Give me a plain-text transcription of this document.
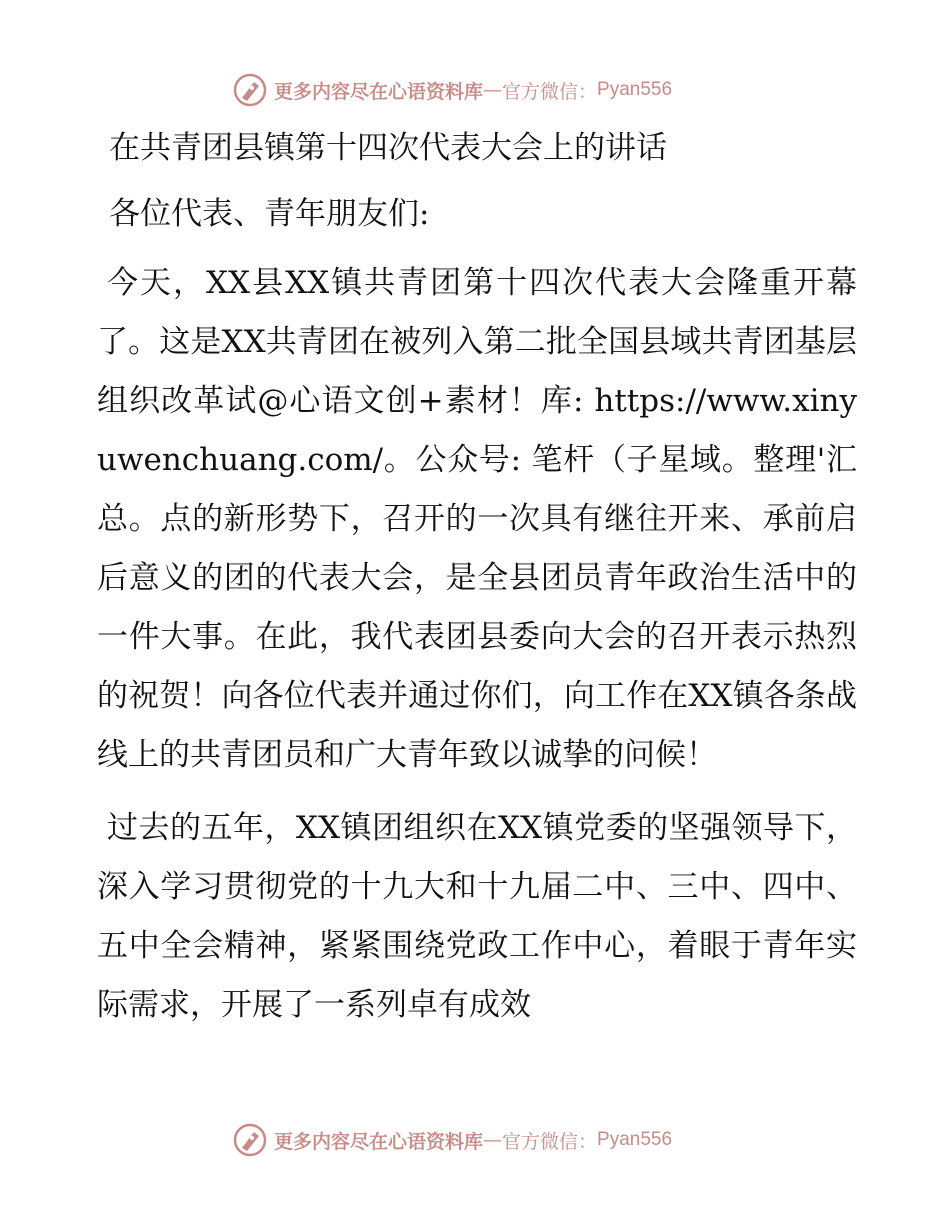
更多内容尽在心语资料库 — 官方微信： Pyan556

在共青团县镇第十四次代表大会上的讲话

各位代表、青年朋友们:

今天，XX县XX镇共青团第十四次代表大会隆重开幕了。这是XX共青团在被列入第二批全国县域共青团基层组织改革试@心语文创+素材！库: https://www.xinyuwenchuang.com/。公众号: 笔杆（子星域。整理'汇总。点的新形势下，召开的一次具有继往开来、承前启后意义的团的代表大会，是全县团员青年政治生活中的一件大事。在此，我代表团县委向大会的召开表示热烈的祝贺！向各位代表并通过你们，向工作在XX镇各条战线上的共青团员和广大青年致以诚挚的问候！

过去的五年，XX镇团组织在XX镇党委的坚强领导下，深入学习贯彻党的十九大和十九届二中、三中、四中、五中全会精神，紧紧围绕党政工作中心，着眼于青年实际需求，开展了一系列卓有成效

更多内容尽在心语资料库 — 官方微信： Pyan556
